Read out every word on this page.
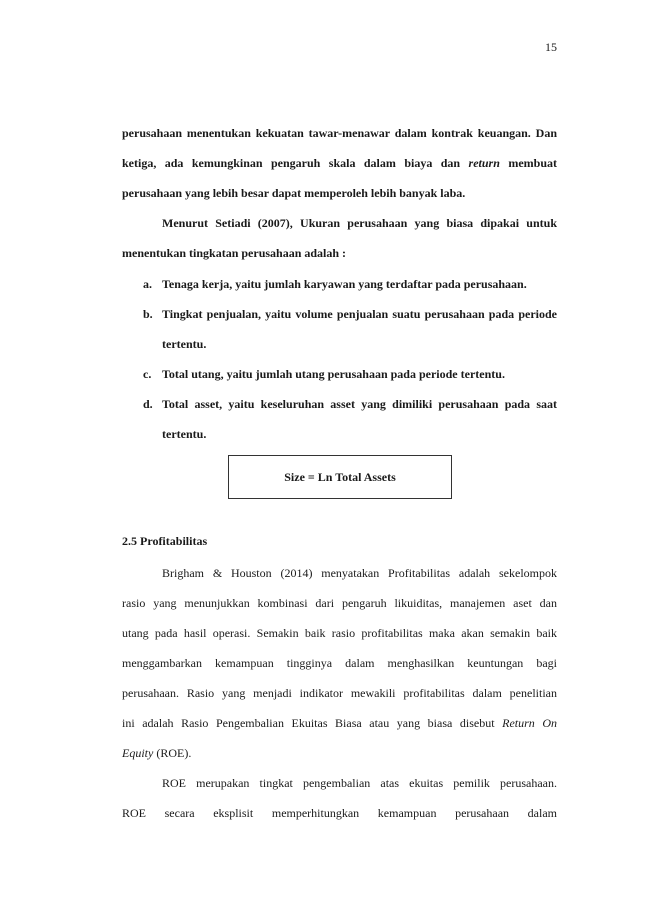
15
perusahaan menentukan kekuatan tawar-menawar dalam kontrak keuangan. Dan
ketiga, ada kemungkinan pengaruh skala dalam biaya dan return membuat
perusahaan yang lebih besar dapat memperoleh lebih banyak laba.
Menurut Setiadi (2007), Ukuran perusahaan yang biasa dipakai untuk
menentukan tingkatan perusahaan adalah :
a. Tenaga kerja, yaitu jumlah karyawan yang terdaftar pada perusahaan.
b. Tingkat penjualan, yaitu volume penjualan suatu perusahaan pada periode
tertentu.
c. Total utang, yaitu jumlah utang perusahaan pada periode tertentu.
d. Total asset, yaitu keseluruhan asset yang dimiliki perusahaan pada saat
tertentu.
Size = Ln Total Assets
2.5 Profitabilitas
Brigham & Houston (2014) menyatakan Profitabilitas adalah sekelompok
rasio yang menunjukkan kombinasi dari pengaruh likuiditas, manajemen aset dan
utang pada hasil operasi. Semakin baik rasio profitabilitas maka akan semakin baik
menggambarkan kemampuan tingginya dalam menghasilkan keuntungan bagi
perusahaan. Rasio yang menjadi indikator mewakili profitabilitas dalam penelitian
ini adalah Rasio Pengembalian Ekuitas Biasa atau yang biasa disebut Return On
Equity (ROE).
ROE merupakan tingkat pengembalian atas ekuitas pemilik perusahaan.
ROE secara eksplisit memperhitungkan kemampuan perusahaan dalam
